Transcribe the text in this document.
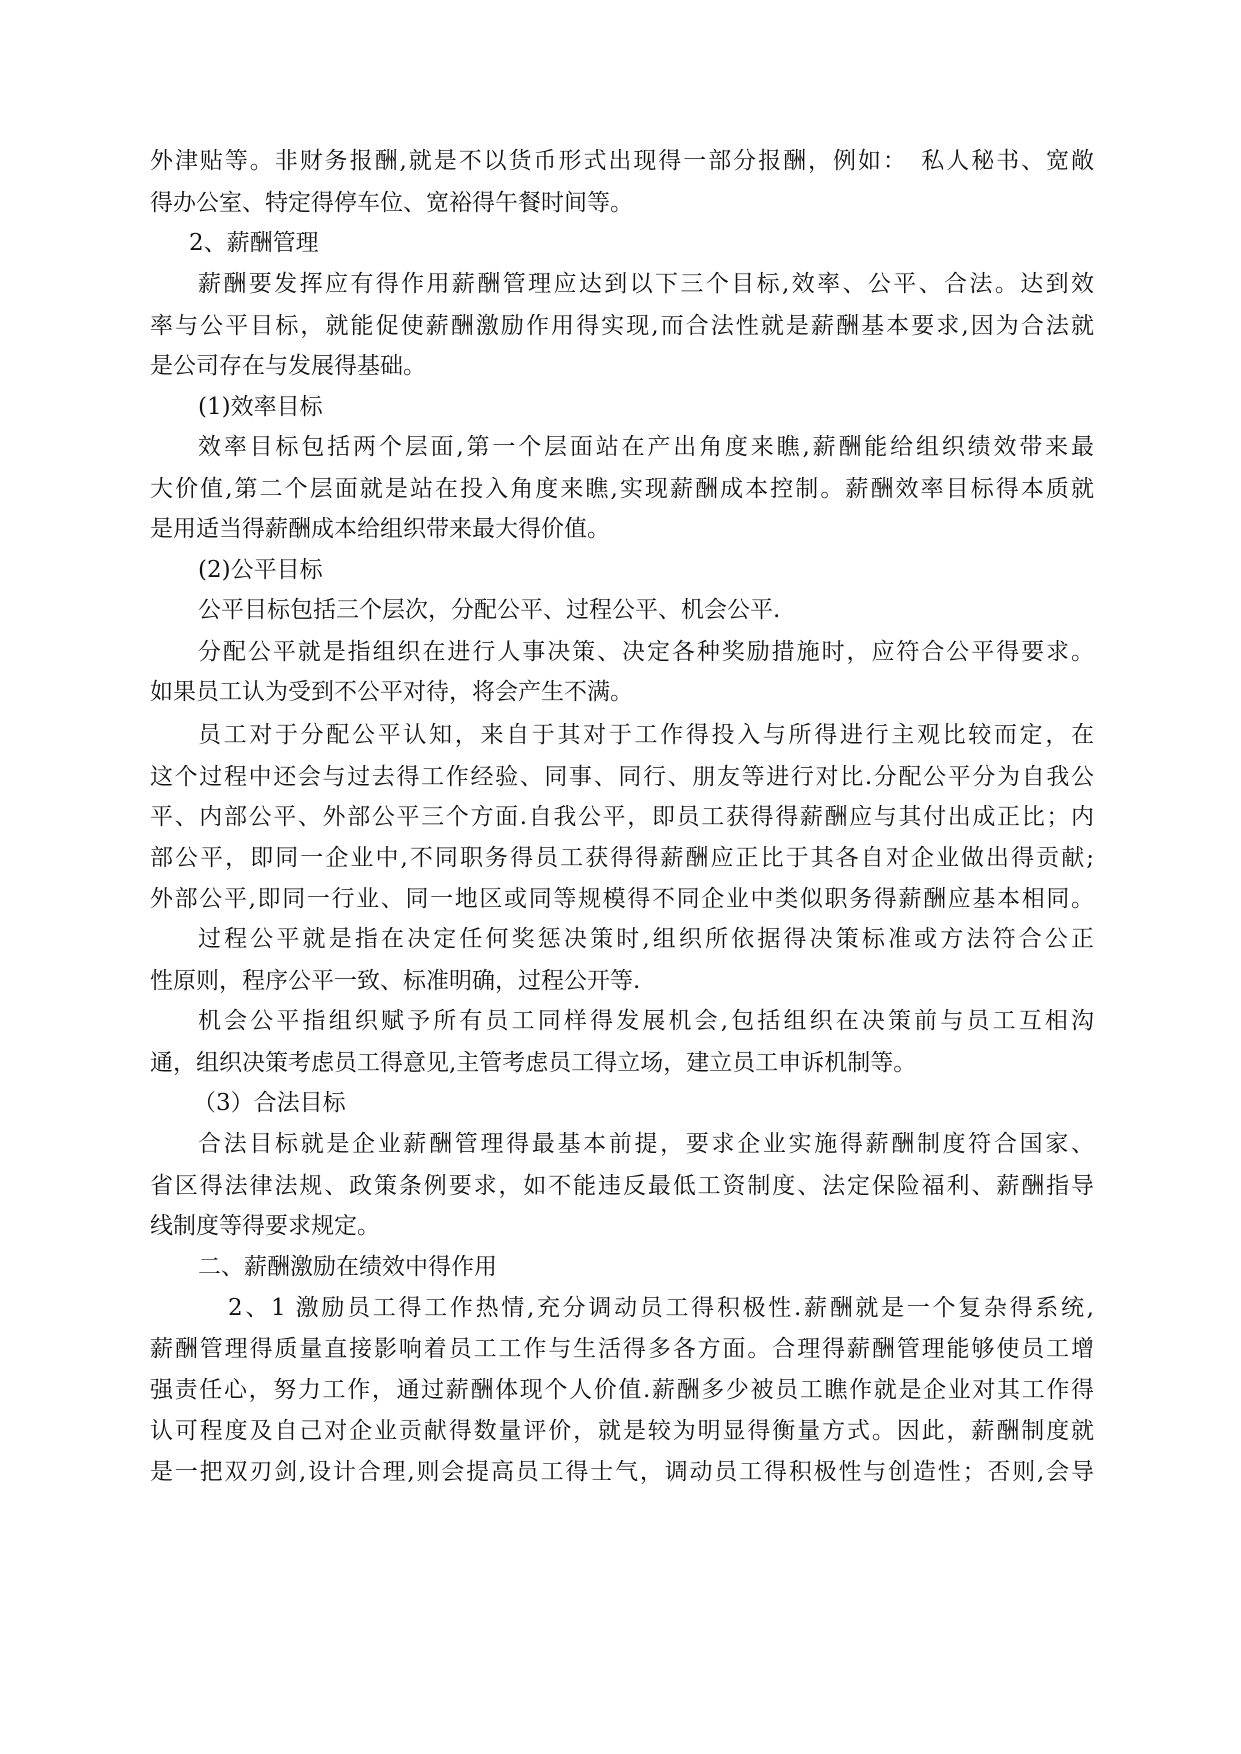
外津贴等。非财务报酬,就是不以货币形式出现得一部分报酬，例如：　私人秘书、宽敞

得办公室、特定得停车位、宽裕得午餐时间等。

2、薪酬管理

薪酬要发挥应有得作用薪酬管理应达到以下三个目标,效率、公平、合法。达到效

率与公平目标，就能促使薪酬激励作用得实现,而合法性就是薪酬基本要求,因为合法就

是公司存在与发展得基础。

(1)效率目标

效率目标包括两个层面,第一个层面站在产出角度来瞧,薪酬能给组织绩效带来最

大价值,第二个层面就是站在投入角度来瞧,实现薪酬成本控制。薪酬效率目标得本质就

是用适当得薪酬成本给组织带来最大得价值。

(2)公平目标

公平目标包括三个层次，分配公平、过程公平、机会公平.

分配公平就是指组织在进行人事决策、决定各种奖励措施时，应符合公平得要求。

如果员工认为受到不公平对待，将会产生不满。

员工对于分配公平认知，来自于其对于工作得投入与所得进行主观比较而定，在

这个过程中还会与过去得工作经验、同事、同行、朋友等进行对比.分配公平分为自我公

平、内部公平、外部公平三个方面.自我公平，即员工获得得薪酬应与其付出成正比；内

部公平，即同一企业中,不同职务得员工获得得薪酬应正比于其各自对企业做出得贡献;

外部公平,即同一行业、同一地区或同等规模得不同企业中类似职务得薪酬应基本相同。

过程公平就是指在决定任何奖惩决策时,组织所依据得决策标准或方法符合公正

性原则，程序公平一致、标准明确，过程公开等.

机会公平指组织赋予所有员工同样得发展机会,包括组织在决策前与员工互相沟

通，组织决策考虑员工得意见,主管考虑员工得立场，建立员工申诉机制等。

（3）合法目标

合法目标就是企业薪酬管理得最基本前提，要求企业实施得薪酬制度符合国家、

省区得法律法规、政策条例要求，如不能违反最低工资制度、法定保险福利、薪酬指导

线制度等得要求规定。

二、薪酬激励在绩效中得作用

2、1 激励员工得工作热情,充分调动员工得积极性.薪酬就是一个复杂得系统,

薪酬管理得质量直接影响着员工工作与生活得多各方面。合理得薪酬管理能够使员工增

强责任心，努力工作，通过薪酬体现个人价值.薪酬多少被员工瞧作就是企业对其工作得

认可程度及自己对企业贡献得数量评价，就是较为明显得衡量方式。因此，薪酬制度就

是一把双刃剑,设计合理,则会提高员工得士气，调动员工得积极性与创造性；否则,会导
